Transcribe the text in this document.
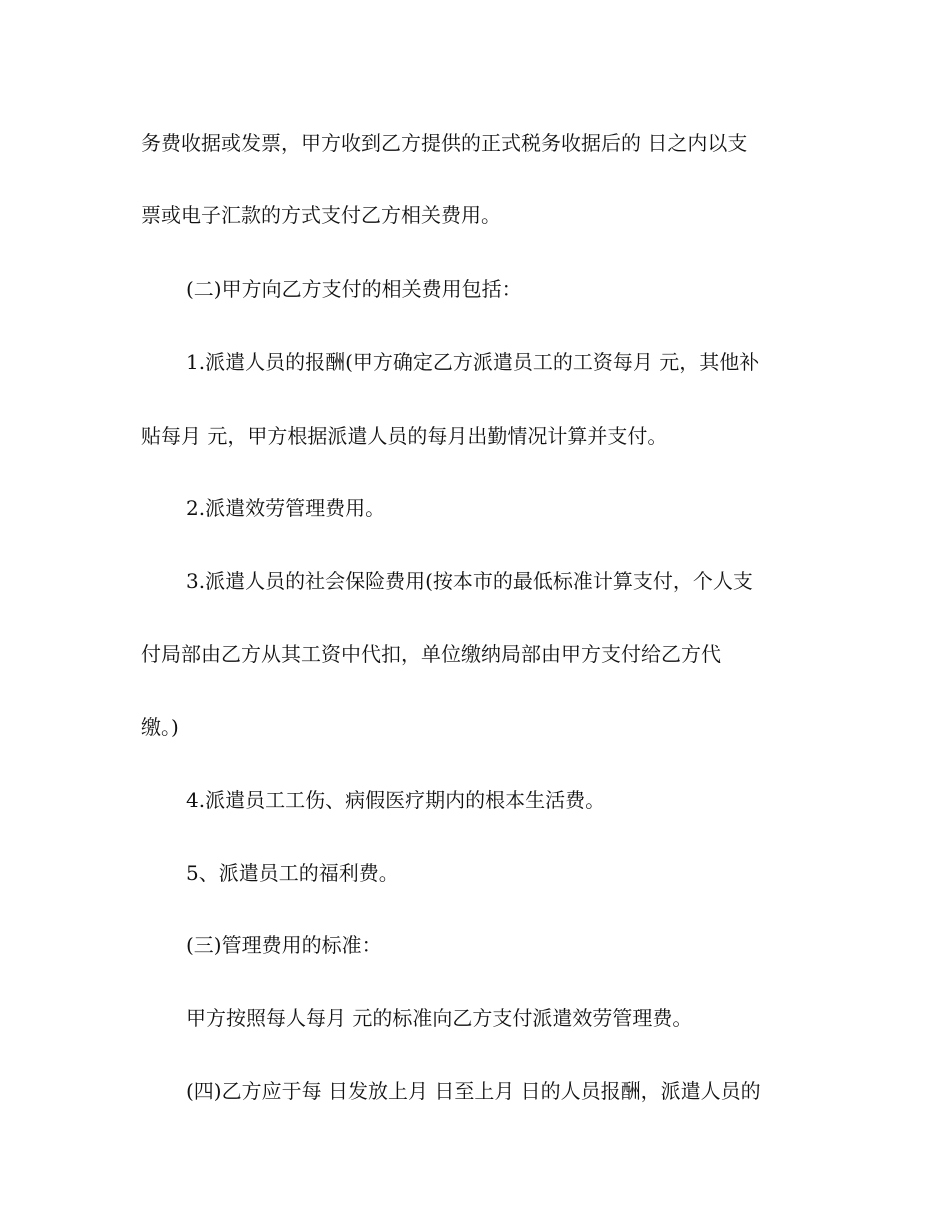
务费收据或发票，甲方收到乙方提供的正式税务收据后的 日之内以支
票或电子汇款的方式支付乙方相关费用。
(二)甲方向乙方支付的相关费用包括：
1.派遣人员的报酬(甲方确定乙方派遣员工的工资每月 元，其他补
贴每月 元，甲方根据派遣人员的每月出勤情况计算并支付。
2.派遣效劳管理费用。
3.派遣人员的社会保险费用(按本市的最低标准计算支付，个人支
付局部由乙方从其工资中代扣，单位缴纳局部由甲方支付给乙方代
缴。)
4.派遣员工工伤、病假医疗期内的根本生活费。
5、派遣员工的福利费。
(三)管理费用的标准：
甲方按照每人每月 元的标准向乙方支付派遣效劳管理费。
(四)乙方应于每 日发放上月 日至上月 日的人员报酬，派遣人员的
